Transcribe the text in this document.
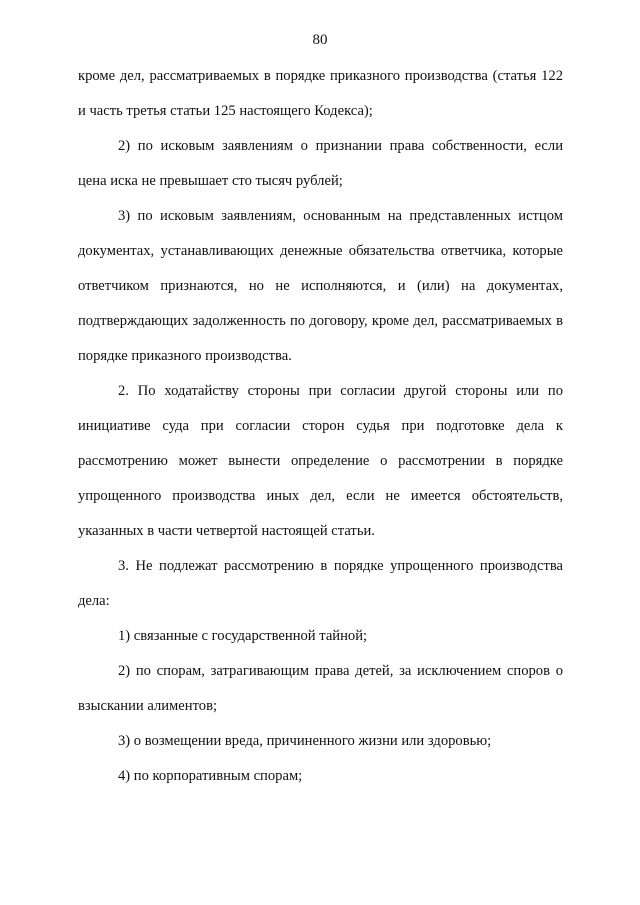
80

кроме дел, рассматриваемых в порядке приказного производства (статья 122 и часть третья статьи 125 настоящего Кодекса);

2) по исковым заявлениям о признании права собственности, если цена иска не превышает сто тысяч рублей;

3) по исковым заявлениям, основанным на представленных истцом документах, устанавливающих денежные обязательства ответчика, которые ответчиком признаются, но не исполняются, и (или) на документах, подтверждающих задолженность по договору, кроме дел, рассматриваемых в порядке приказного производства.

2. По ходатайству стороны при согласии другой стороны или по инициативе суда при согласии сторон судья при подготовке дела к рассмотрению может вынести определение о рассмотрении в порядке упрощенного производства иных дел, если не имеется обстоятельств, указанных в части четвертой настоящей статьи.

3. Не подлежат рассмотрению в порядке упрощенного производства дела:

1) связанные с государственной тайной;

2) по спорам, затрагивающим права детей, за исключением споров о взыскании алиментов;

3) о возмещении вреда, причиненного жизни или здоровью;

4) по корпоративным спорам;
